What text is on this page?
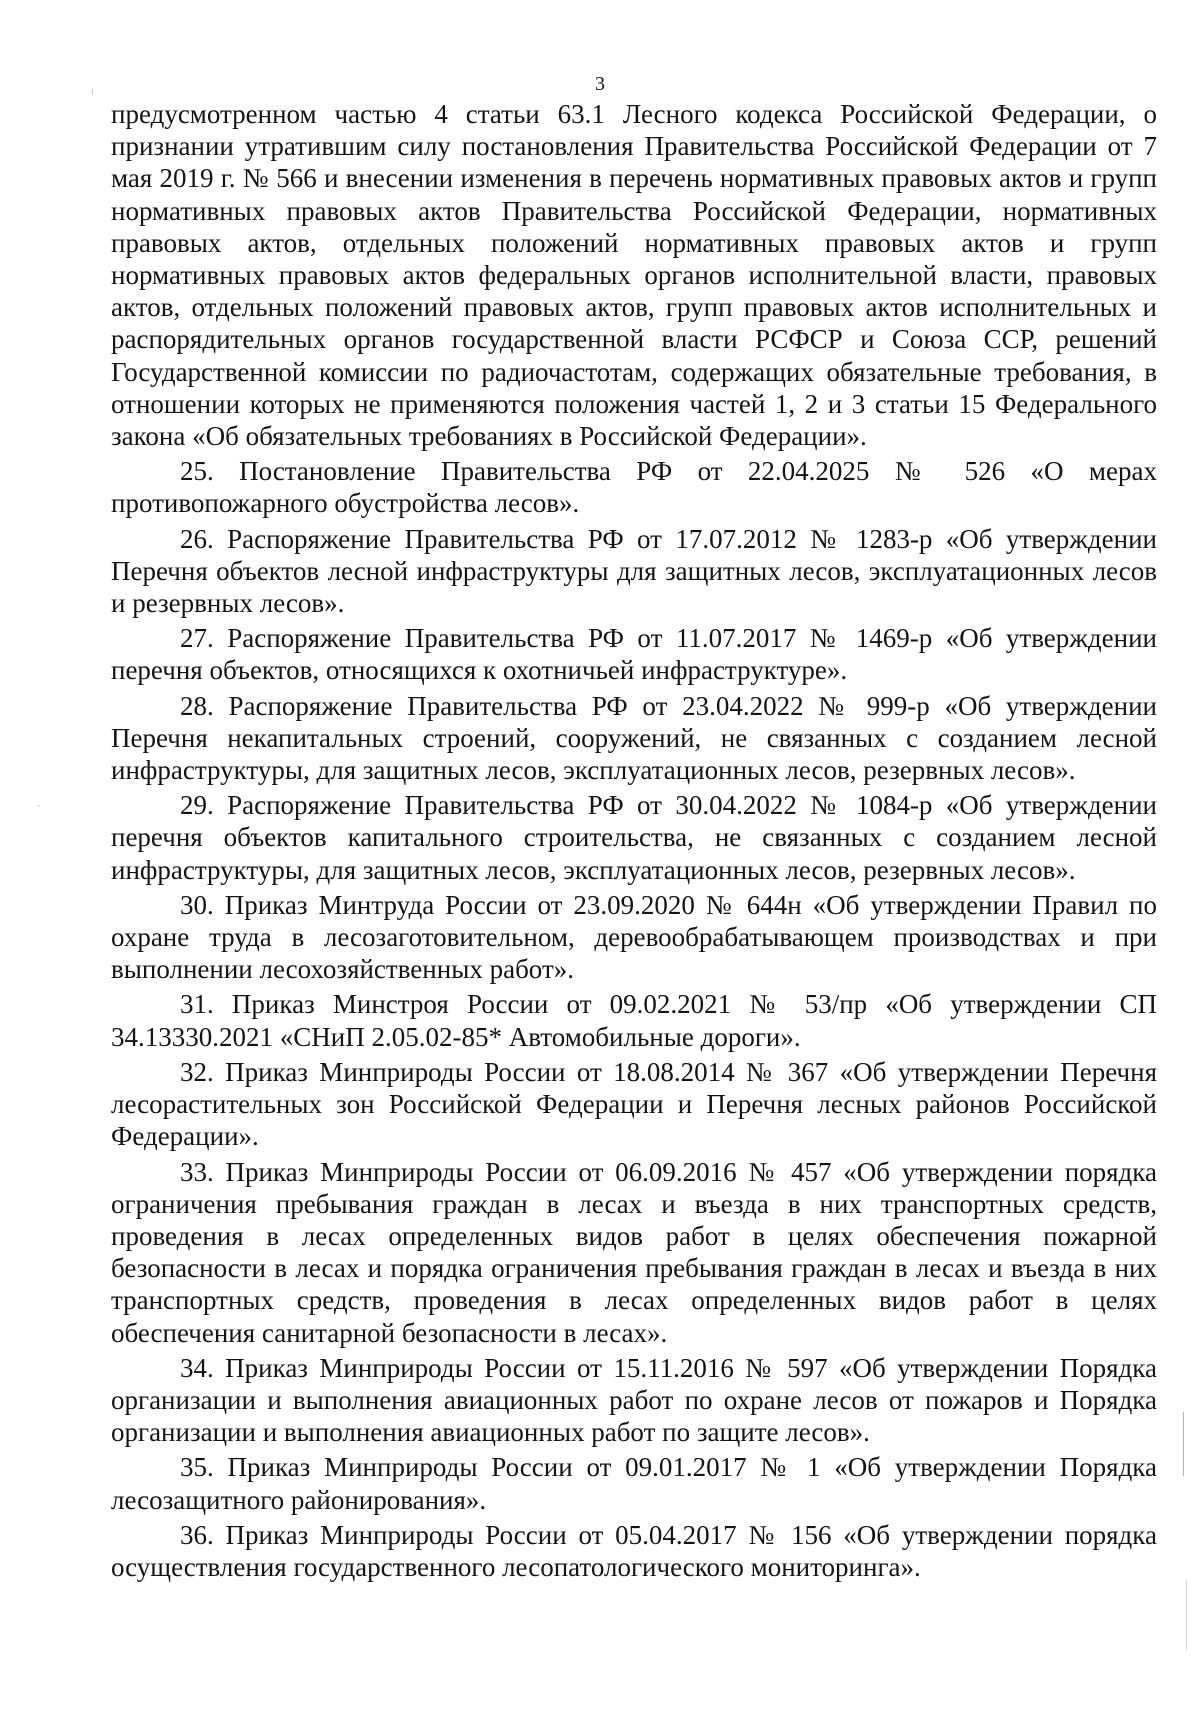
3

предусмотренном частью 4 статьи 63.1 Лесного кодекса Российской Федерации, о признании утратившим силу постановления Правительства Российской Федерации от 7 мая 2019 г. № 566 и внесении изменения в перечень нормативных правовых актов и групп нормативных правовых актов Правительства Российской Федерации, нормативных правовых актов, отдельных положений нормативных правовых актов и групп нормативных правовых актов федеральных органов исполнительной власти, правовых актов, отдельных положений правовых актов, групп правовых актов исполнительных и распорядительных органов государственной власти РСФСР и Союза ССР, решений Государственной комиссии по радиочастотам, содержащих обязательные требования, в отношении которых не применяются положения частей 1, 2 и 3 статьи 15 Федерального закона «Об обязательных требованиях в Российской Федерации».

25. Постановление Правительства РФ от 22.04.2025 № 526 «О мерах противопожарного обустройства лесов».

26. Распоряжение Правительства РФ от 17.07.2012 № 1283-р «Об утверждении Перечня объектов лесной инфраструктуры для защитных лесов, эксплуатационных лесов и резервных лесов».

27. Распоряжение Правительства РФ от 11.07.2017 № 1469-р «Об утверждении перечня объектов, относящихся к охотничьей инфраструктуре».

28. Распоряжение Правительства РФ от 23.04.2022 № 999-р «Об утверждении Перечня некапитальных строений, сооружений, не связанных с созданием лесной инфраструктуры, для защитных лесов, эксплуатационных лесов, резервных лесов».

29. Распоряжение Правительства РФ от 30.04.2022 № 1084-р «Об утверждении перечня объектов капитального строительства, не связанных с созданием лесной инфраструктуры, для защитных лесов, эксплуатационных лесов, резервных лесов».

30. Приказ Минтруда России от 23.09.2020 № 644н «Об утверждении Правил по охране труда в лесозаготовительном, деревообрабатывающем производствах и при выполнении лесохозяйственных работ».

31. Приказ Минстроя России от 09.02.2021 № 53/пр «Об утверждении СП 34.13330.2021 «СНиП 2.05.02-85* Автомобильные дороги».

32. Приказ Минприроды России от 18.08.2014 № 367 «Об утверждении Перечня лесорастительных зон Российской Федерации и Перечня лесных районов Российской Федерации».

33. Приказ Минприроды России от 06.09.2016 № 457 «Об утверждении порядка ограничения пребывания граждан в лесах и въезда в них транспортных средств, проведения в лесах определенных видов работ в целях обеспечения пожарной безопасности в лесах и порядка ограничения пребывания граждан в лесах и въезда в них транспортных средств, проведения в лесах определенных видов работ в целях обеспечения санитарной безопасности в лесах».

34. Приказ Минприроды России от 15.11.2016 № 597 «Об утверждении Порядка организации и выполнения авиационных работ по охране лесов от пожаров и Порядка организации и выполнения авиационных работ по защите лесов».

35. Приказ Минприроды России от 09.01.2017 № 1 «Об утверждении Порядка лесозащитного районирования».

36. Приказ Минприроды России от 05.04.2017 № 156 «Об утверждении порядка осуществления государственного лесопатологического мониторинга».
